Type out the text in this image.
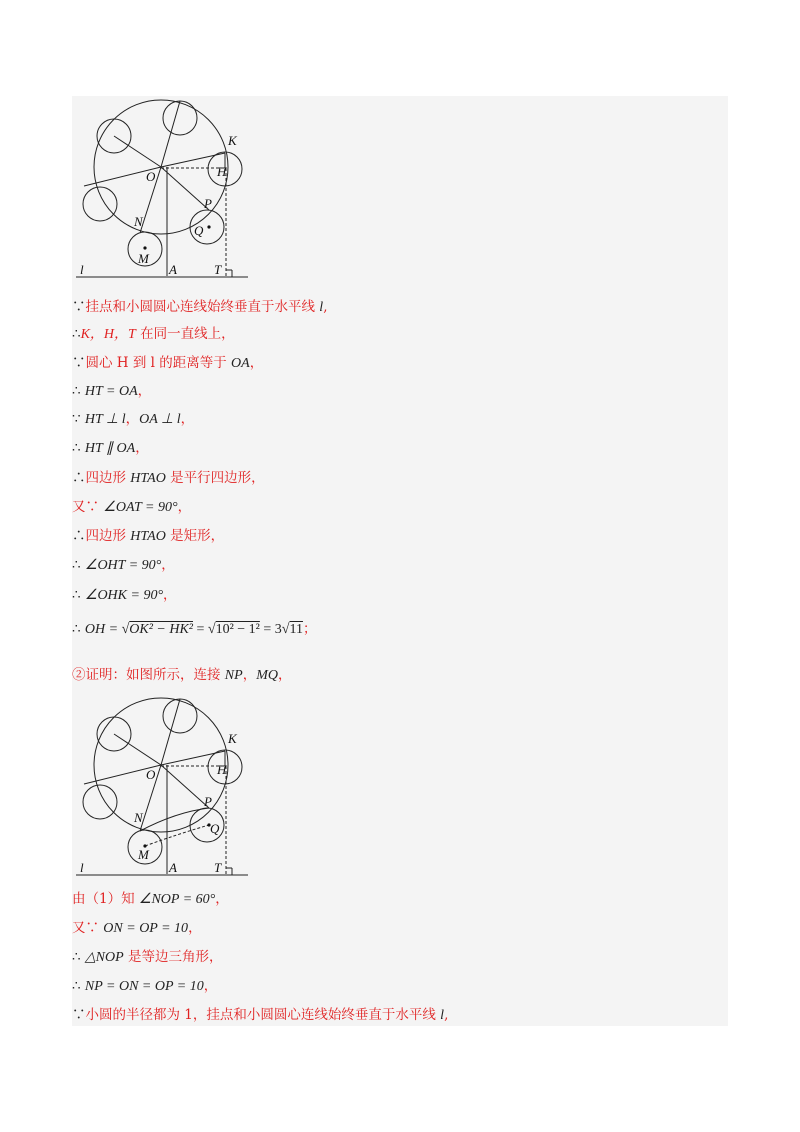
K
O	H
P
N
Q
M
l	A	T
∵挂点和小圆圆心连线始终垂直于水平线 l,
∴K，H，T 在同一直线上，
∵圆心 H 到 l 的距离等于 OA，
∴ HT = OA，
∵ HT ⊥ l，OA ⊥ l，
∴ HT ∥ OA，
∴四边形 HTAO 是平行四边形，
又∵ ∠OAT = 90°，
∴四边形 HTAO 是矩形，
∴ ∠OHT = 90°，
∴ ∠OHK = 90°，
∴ OH = √OK² − HK² = √10² − 1² = 3√11；
②证明：如图所示，连接 NP，MQ，
K
O	H
P
N
Q
M
l	A	T
由（1）知 ∠NOP = 60°，
又∵ ON = OP = 10，
∴ △NOP 是等边三角形，
∴ NP = ON = OP = 10，
∵小圆的半径都为 1，挂点和小圆圆心连线始终垂直于水平线 l,
